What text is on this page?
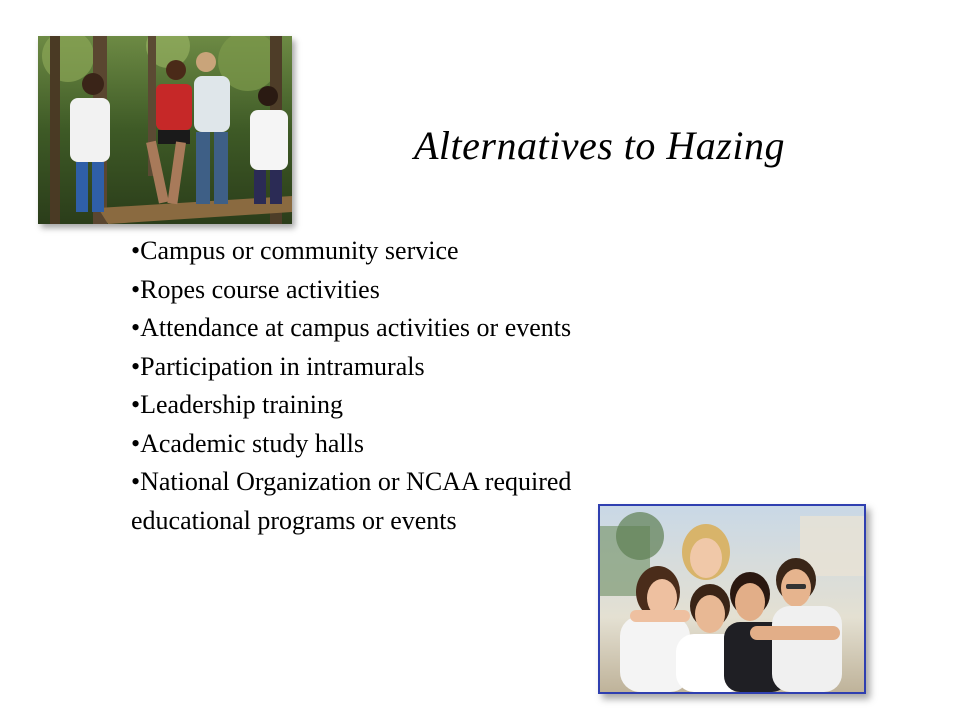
Alternatives to Hazing
•Campus or community service
•Ropes course activities
•Attendance at campus activities or events
•Participation in intramurals
•Leadership training
•Academic study halls
•National Organization or NCAA required educational programs or events
